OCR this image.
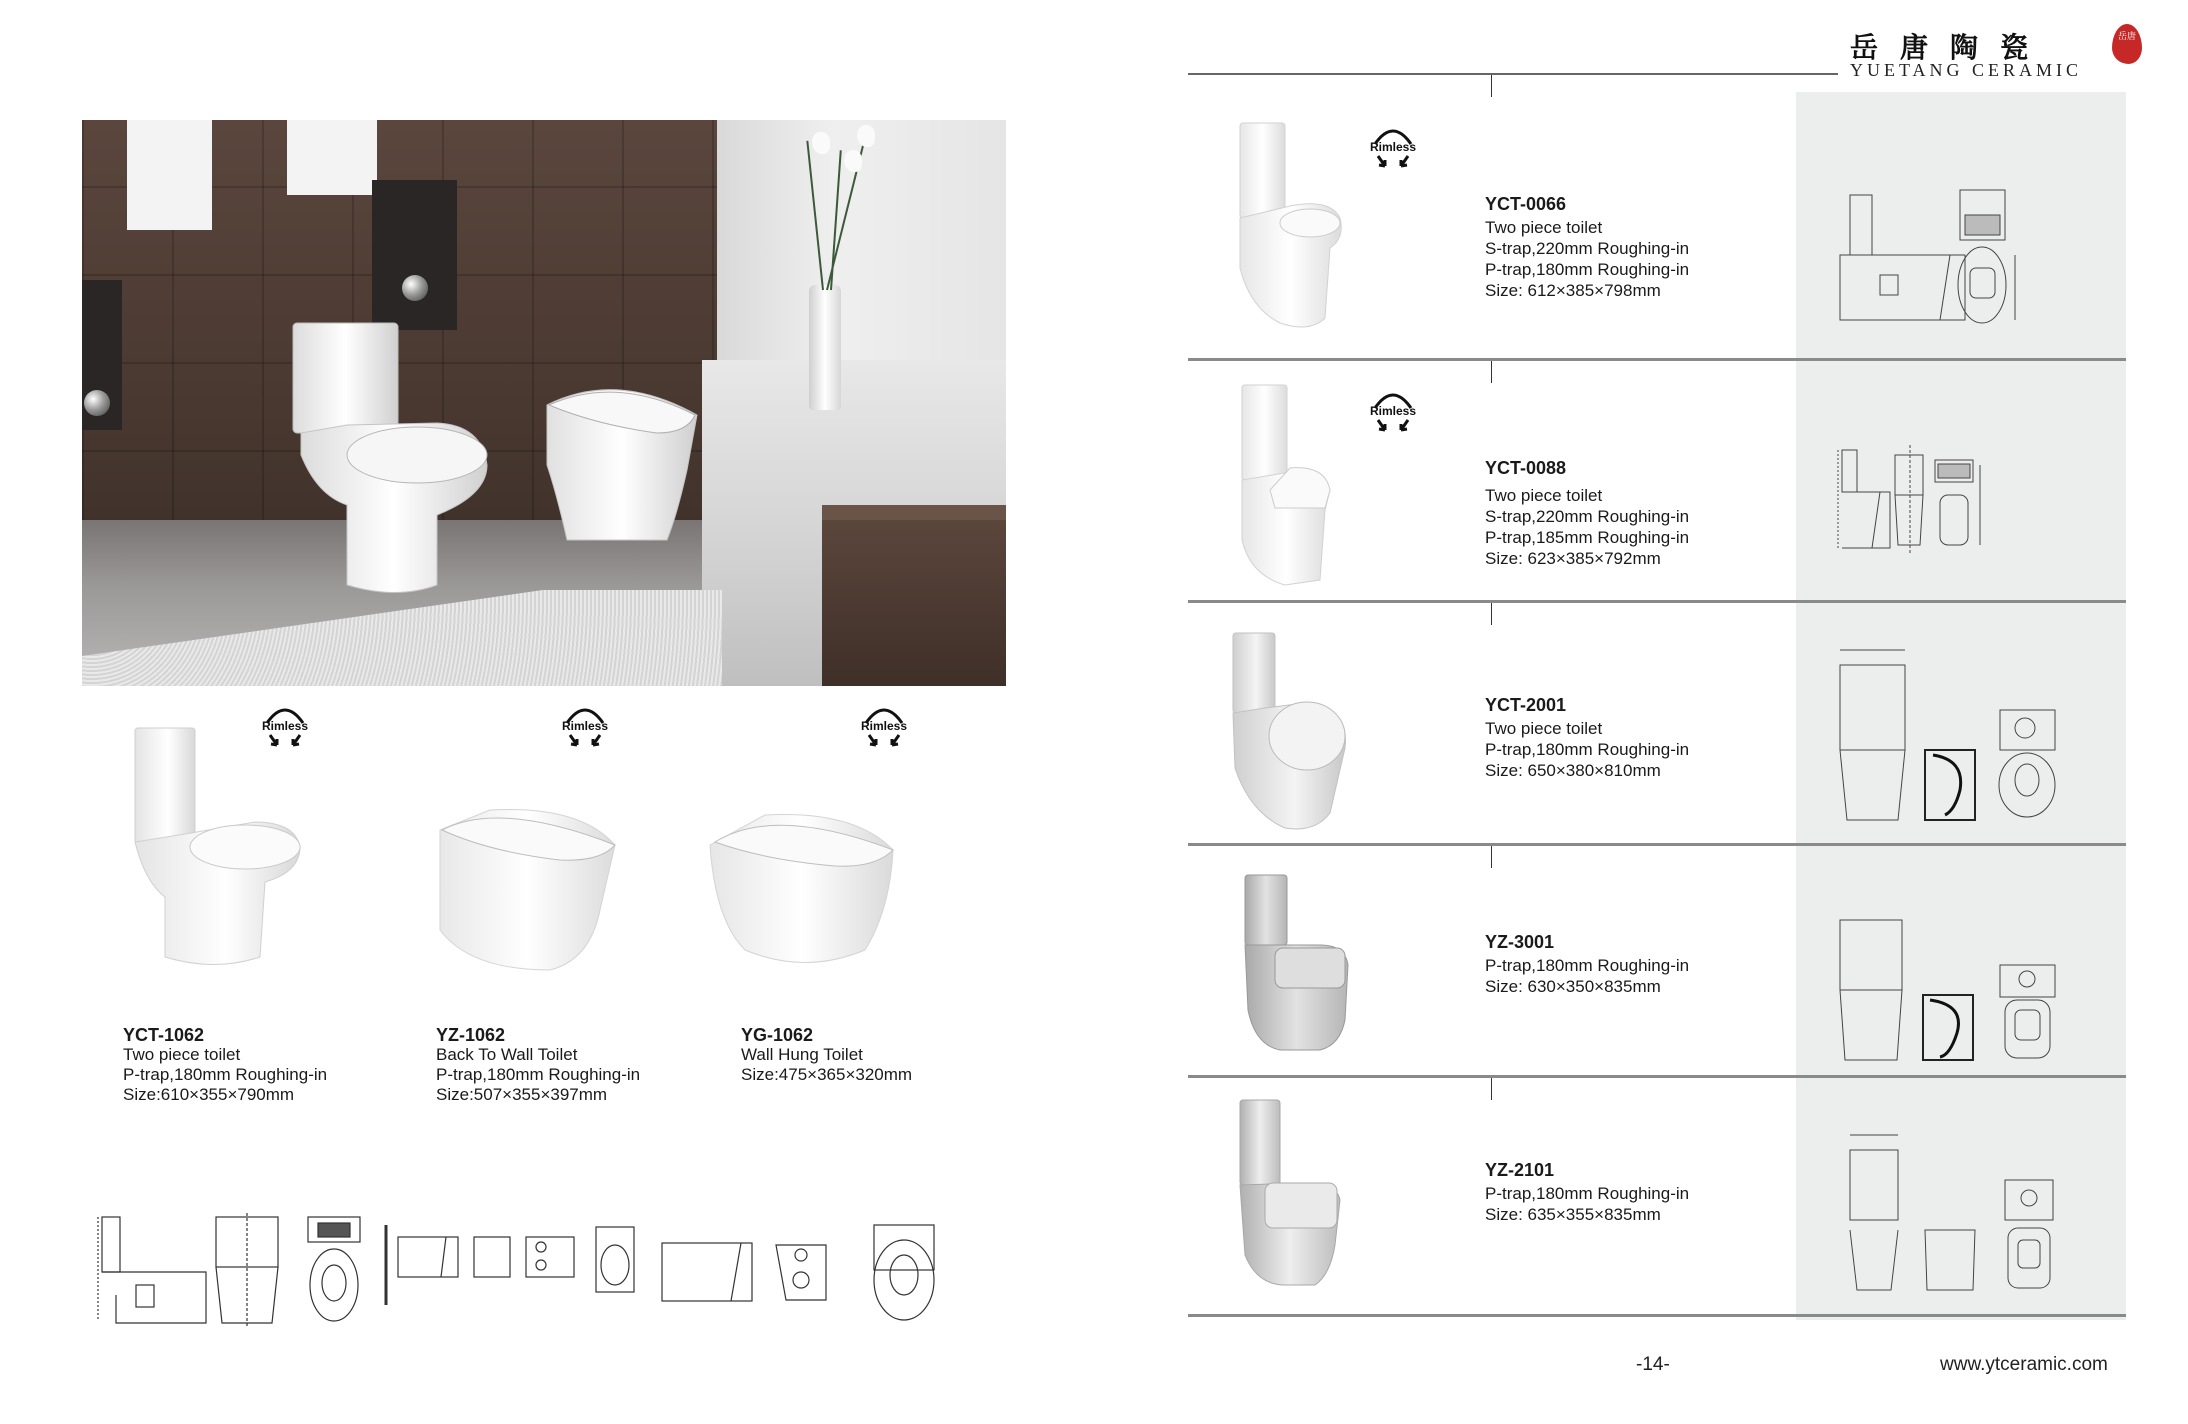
Rimless	Rimless	Rimless
YCT-1062
Two piece toilet
P-trap,180mm Roughing-in
Size:610×355×790mm
YZ-1062
Back To Wall Toilet
P-trap,180mm Roughing-in
Size:507×355×397mm
YG-1062
Wall Hung Toilet
Size:475×365×320mm
岳唐陶瓷
YUETANG CERAMIC
岳唐
Rimless
YCT-0066
Two piece toilet
S-trap,220mm Roughing-in
P-trap,180mm Roughing-in
Size: 612×385×798mm
Rimless
YCT-0088
Two piece toilet
S-trap,220mm Roughing-in
P-trap,185mm Roughing-in
Size: 623×385×792mm
YCT-2001
Two piece toilet
P-trap,180mm Roughing-in
Size: 650×380×810mm
YZ-3001
P-trap,180mm Roughing-in
Size: 630×350×835mm
YZ-2101
P-trap,180mm Roughing-in
Size: 635×355×835mm
-14-	www.ytceramic.com
